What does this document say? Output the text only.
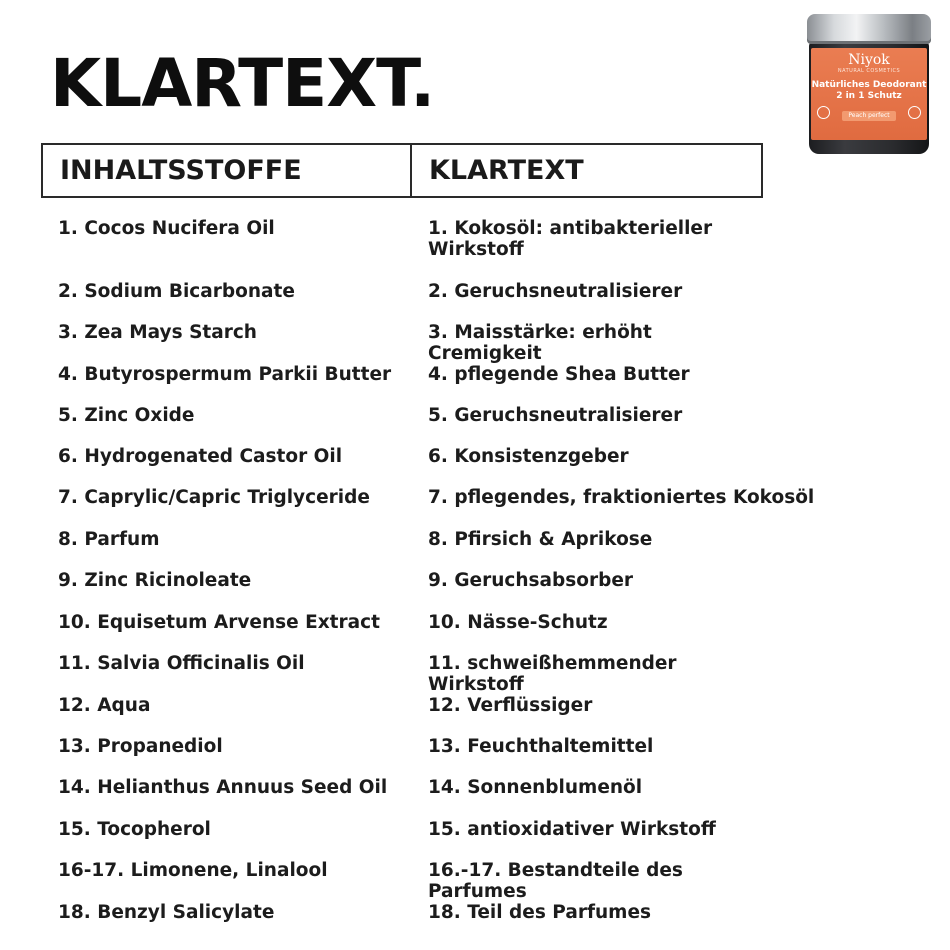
KLARTEXT.	Niyok
NATURAL COSMETICS
Natürliches Deodorant
2 in 1 Schutz
Peach perfect
INHALTSSTOFFE	KLARTEXT
1. Cocos Nucifera Oil	1. Kokosöl: antibakterieller Wirkstoff
2. Sodium Bicarbonate	2. Geruchsneutralisierer
3. Zea Mays Starch	3. Maisstärke: erhöht Cremigkeit
4. Butyrospermum Parkii Butter 4. pflegende Shea Butter
5. Zinc Oxide	5. Geruchsneutralisierer
6. Hydrogenated Castor Oil	6. Konsistenzgeber
7. Caprylic/Capric Triglyceride	7. pflegendes, fraktioniertes Kokosöl
8. Parfum	8. Pfirsich & Aprikose
9. Zinc Ricinoleate	9. Geruchsabsorber
10. Equisetum Arvense Extract	10. Nässe-Schutz
11. Salvia Officinalis Oil	11. schweißhemmender Wirkstoff
12. Aqua	12. Verflüssiger
13. Propanediol	13. Feuchthaltemittel
14. Helianthus Annuus Seed Oil 14. Sonnenblumenöl
15. Tocopherol	15. antioxidativer Wirkstoff
16-17. Limonene, Linalool	16.-17. Bestandteile des Parfumes
18. Benzyl Salicylate	18. Teil des Parfumes
